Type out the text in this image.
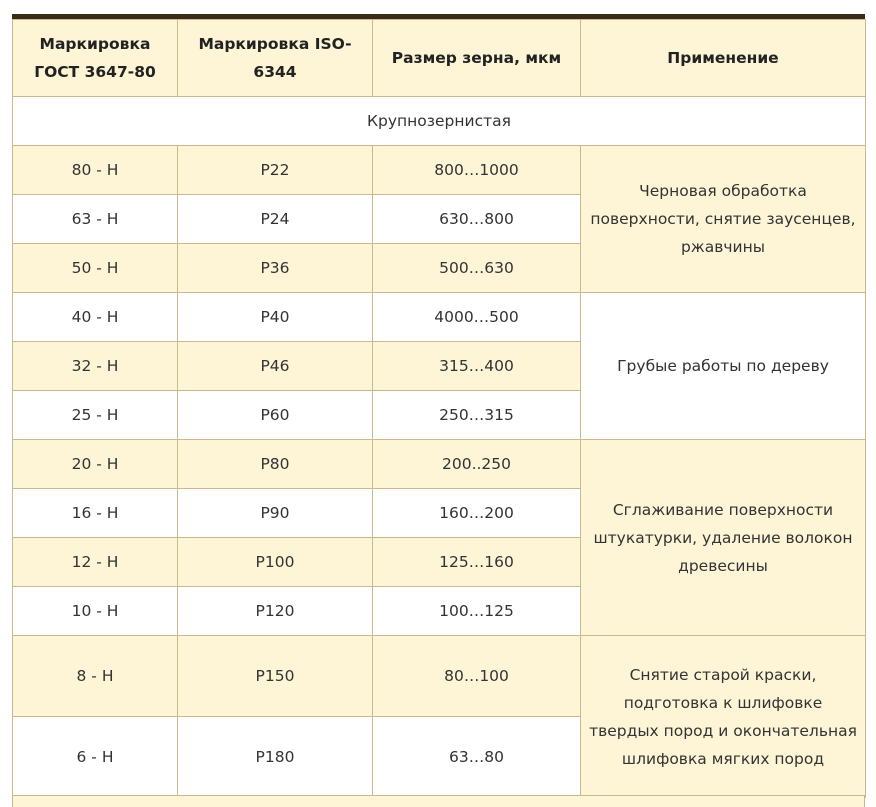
Маркировка ГОСТ 3647-80	Маркировка ISO-6344	Размер зерна, мкм	Применение
Крупнозернистая			
80 - Н	P22	800…1000	Черновая обработка поверхности, снятие заусенцев, ржавчины
63 - Н	P24	630…800	
50 - Н	P36	500…630	
40 - Н	P40	4000…500	Грубые работы по дереву
32 - Н	P46	315…400	
25 - Н	P60	250…315	
20 - Н	P80	200..250	Сглаживание поверхности штукатурки, удаление волокон древесины
16 - Н	P90	160…200	
12 - Н	P100	125…160	
10 - Н	P120	100…125	
8 - Н	P150	80…100	Снятие старой краски, подготовка к шлифовке твердых пород и окончательная шлифовка мягких пород
6 - Н	P180	63…80	
